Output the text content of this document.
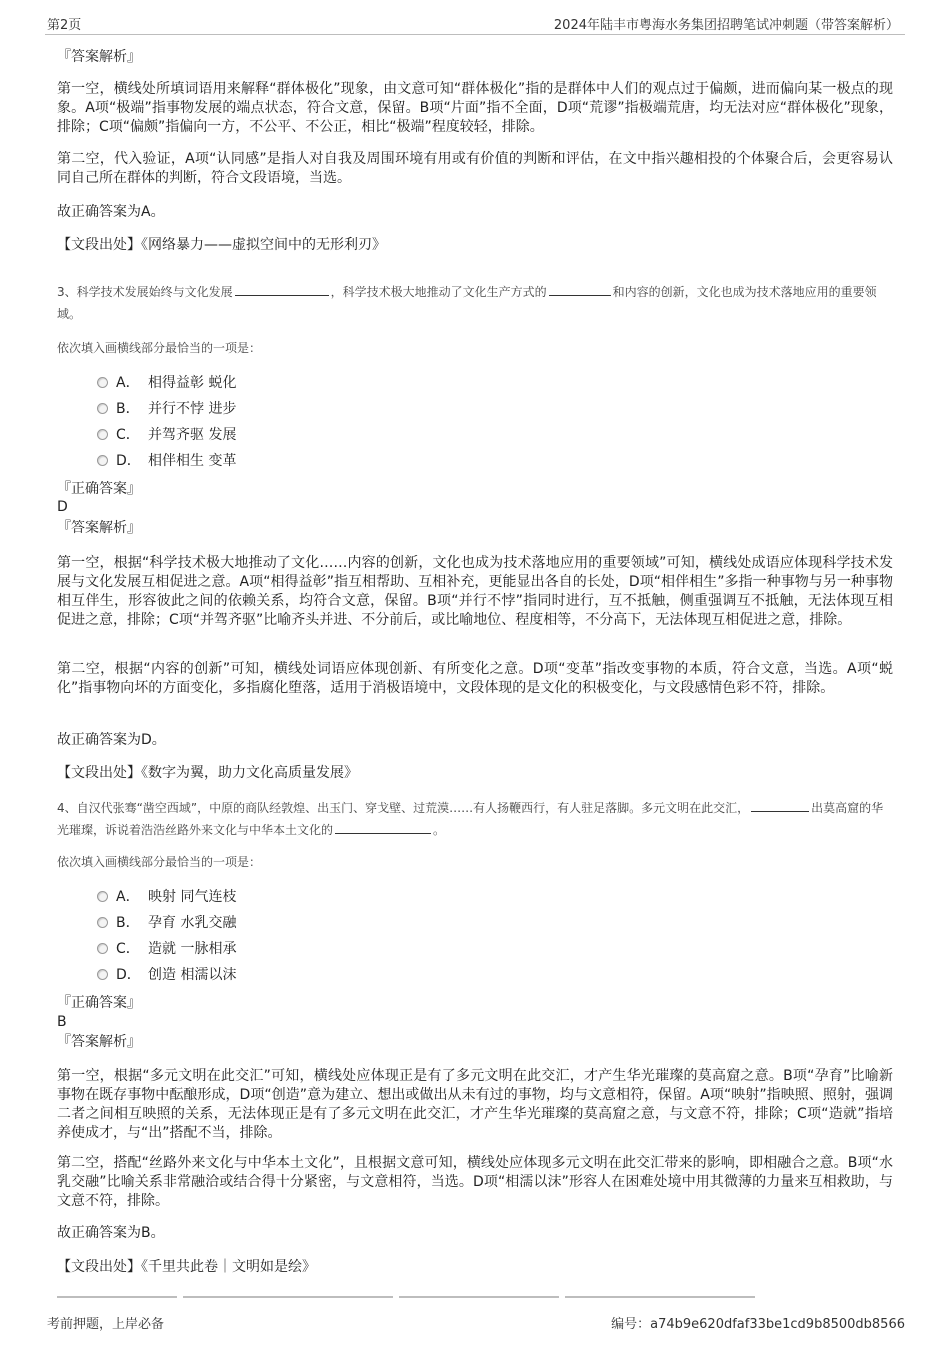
第2页	2024年陆丰市粤海水务集团招聘笔试冲刺题（带答案解析）
『答案解析』
第一空，横线处所填词语用来解释“群体极化”现象，由文意可知“群体极化”指的是群体中人们的观点过于偏颇，进而偏向某一极点的现象。A项“极端”指事物发展的端点状态，符合文意，保留。B项“片面”指不全面，D项“荒谬”指极端荒唐，均无法对应“群体极化”现象，排除；C项“偏颇”指偏向一方，不公平、不公正，相比“极端”程度较轻，排除。
第二空，代入验证，A项“认同感”是指人对自我及周围环境有用或有价值的判断和评估，在文中指兴趣相投的个体聚合后，会更容易认同自己所在群体的判断，符合文段语境，当选。
故正确答案为A。
【文段出处】《网络暴力——虚拟空间中的无形利刃》
3、科学技术发展始终与文化发展	，科学技术极大地推动了文化生产方式的	和内容的创新，文化也成为技术落地应用的重要领域。
依次填入画横线部分最恰当的一项是：
A． 相得益彰 蜕化
B． 并行不悖 进步
C． 并驾齐驱 发展
D． 相伴相生 变革
『正确答案』
D
『答案解析』
第一空，根据“科学技术极大地推动了文化……内容的创新，文化也成为技术落地应用的重要领域”可知，横线处成语应体现科学技术发展与文化发展互相促进之意。A项“相得益彰”指互相帮助、互相补充，更能显出各自的长处，D项“相伴相生”多指一种事物与另一种事物相互伴生，形容彼此之间的依赖关系，均符合文意，保留。B项“并行不悖”指同时进行，互不抵触，侧重强调互不抵触，无法体现互相促进之意，排除；C项“并驾齐驱”比喻齐头并进、不分前后，或比喻地位、程度相等，不分高下，无法体现互相促进之意，排除。
第二空，根据“内容的创新”可知，横线处词语应体现创新、有所变化之意。D项“变革”指改变事物的本质，符合文意，当选。A项“蜕化”指事物向坏的方面变化，多指腐化堕落，适用于消极语境中，文段体现的是文化的积极变化，与文段感情色彩不符，排除。
故正确答案为D。
【文段出处】《数字为翼，助力文化高质量发展》
4、自汉代张骞“凿空西域”，中原的商队经敦煌、出玉门、穿戈壁、过荒漠……有人扬鞭西行，有人驻足落脚。多元文明在此交汇，	出莫高窟的华光璀璨，诉说着浩浩丝路外来文化与中华本土文化的	。
依次填入画横线部分最恰当的一项是：
A． 映射 同气连枝
B． 孕育 水乳交融
C． 造就 一脉相承
D． 创造 相濡以沫
『正确答案』
B
『答案解析』
第一空，根据“多元文明在此交汇”可知，横线处应体现正是有了多元文明在此交汇，才产生华光璀璨的莫高窟之意。B项“孕育”比喻新事物在既存事物中酝酿形成，D项“创造”意为建立、想出或做出从未有过的事物，均与文意相符，保留。A项“映射”指映照、照射，强调二者之间相互映照的关系，无法体现正是有了多元文明在此交汇，才产生华光璀璨的莫高窟之意，与文意不符，排除；C项“造就”指培养使成才，与“出”搭配不当，排除。
第二空，搭配“丝路外来文化与中华本土文化”，且根据文意可知，横线处应体现多元文明在此交汇带来的影响，即相融合之意。B项“水乳交融”比喻关系非常融洽或结合得十分紧密，与文意相符，当选。D项“相濡以沫”形容人在困难处境中用其微薄的力量来互相救助，与文意不符，排除。
故正确答案为B。
【文段出处】《千里共此卷｜文明如是绘》
考前押题，上岸必备	编号：a74b9e620dfaf33be1cd9b8500db8566
